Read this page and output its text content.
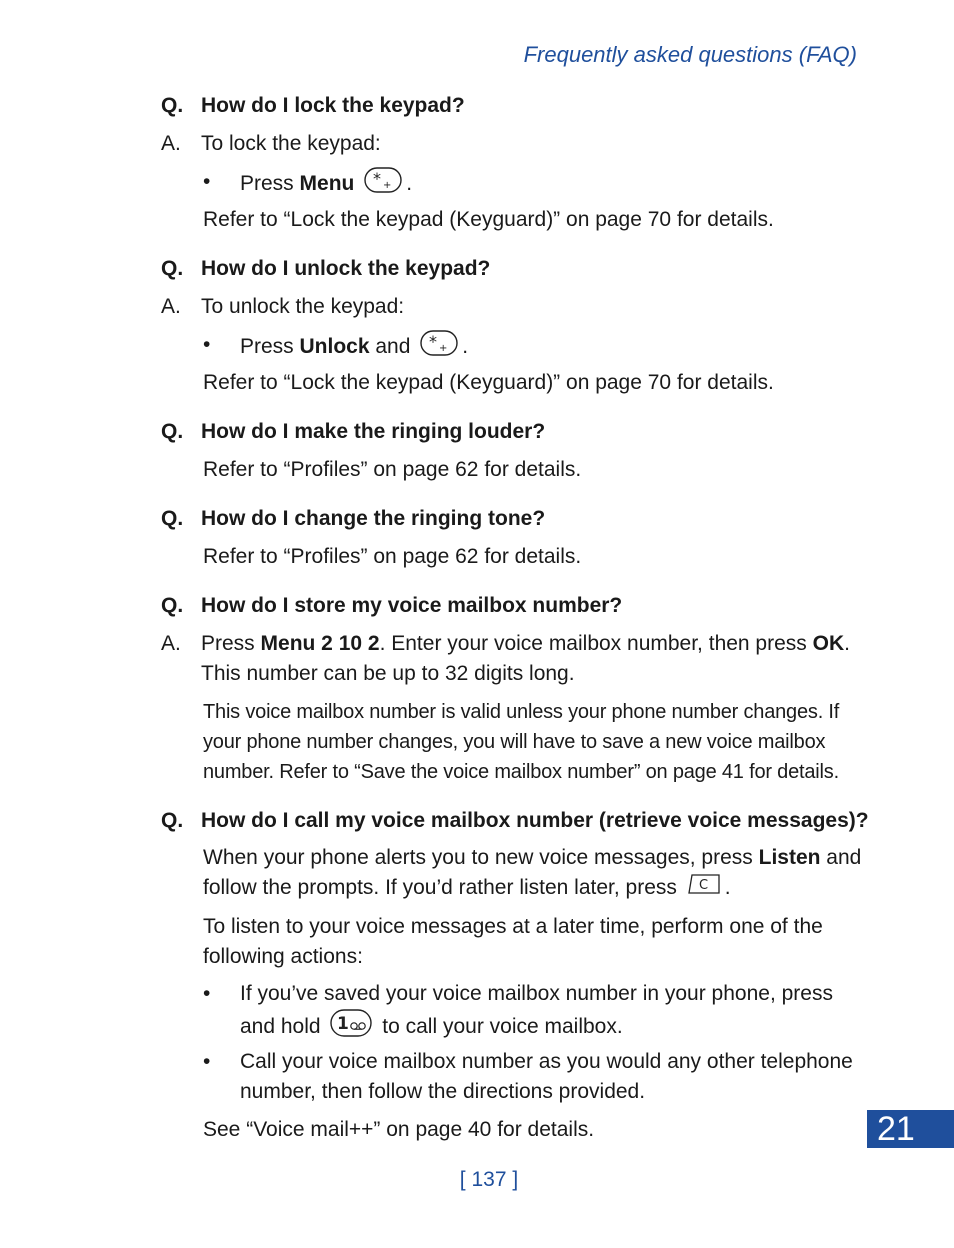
Frequently asked questions (FAQ)
Q. How do I lock the keypad?
A. To lock the keypad:
• Press Menu * + .
Refer to “Lock the keypad (Keyguard)” on page 70 for details.
Q. How do I unlock the keypad?
A. To unlock the keypad:
• Press Unlock and * + .
Refer to “Lock the keypad (Keyguard)” on page 70 for details.
Q. How do I make the ringing louder?
Refer to “Profiles” on page 62 for details.
Q. How do I change the ringing tone?
Refer to “Profiles” on page 62 for details.
Q. How do I store my voice mailbox number?
A. Press Menu 2 10 2. Enter your voice mailbox number, then press OK. This number can be up to 32 digits long.
This voice mailbox number is valid unless your phone number changes. If your phone number changes, you will have to save a new voice mailbox number. Refer to “Save the voice mailbox number” on page 41 for details.
Q. How do I call my voice mailbox number (retrieve voice messages)?
When your phone alerts you to new voice messages, press Listen and follow the prompts. If you’d rather listen later, press C .
To listen to your voice messages at a later time, perform one of the following actions:
• If you’ve saved your voice mailbox number in your phone, press and hold 1 to call your voice mailbox.
• Call your voice mailbox number as you would any other telephone number, then follow the directions provided.
See “Voice mail++” on page 40 for details.	21
[ 137 ]
